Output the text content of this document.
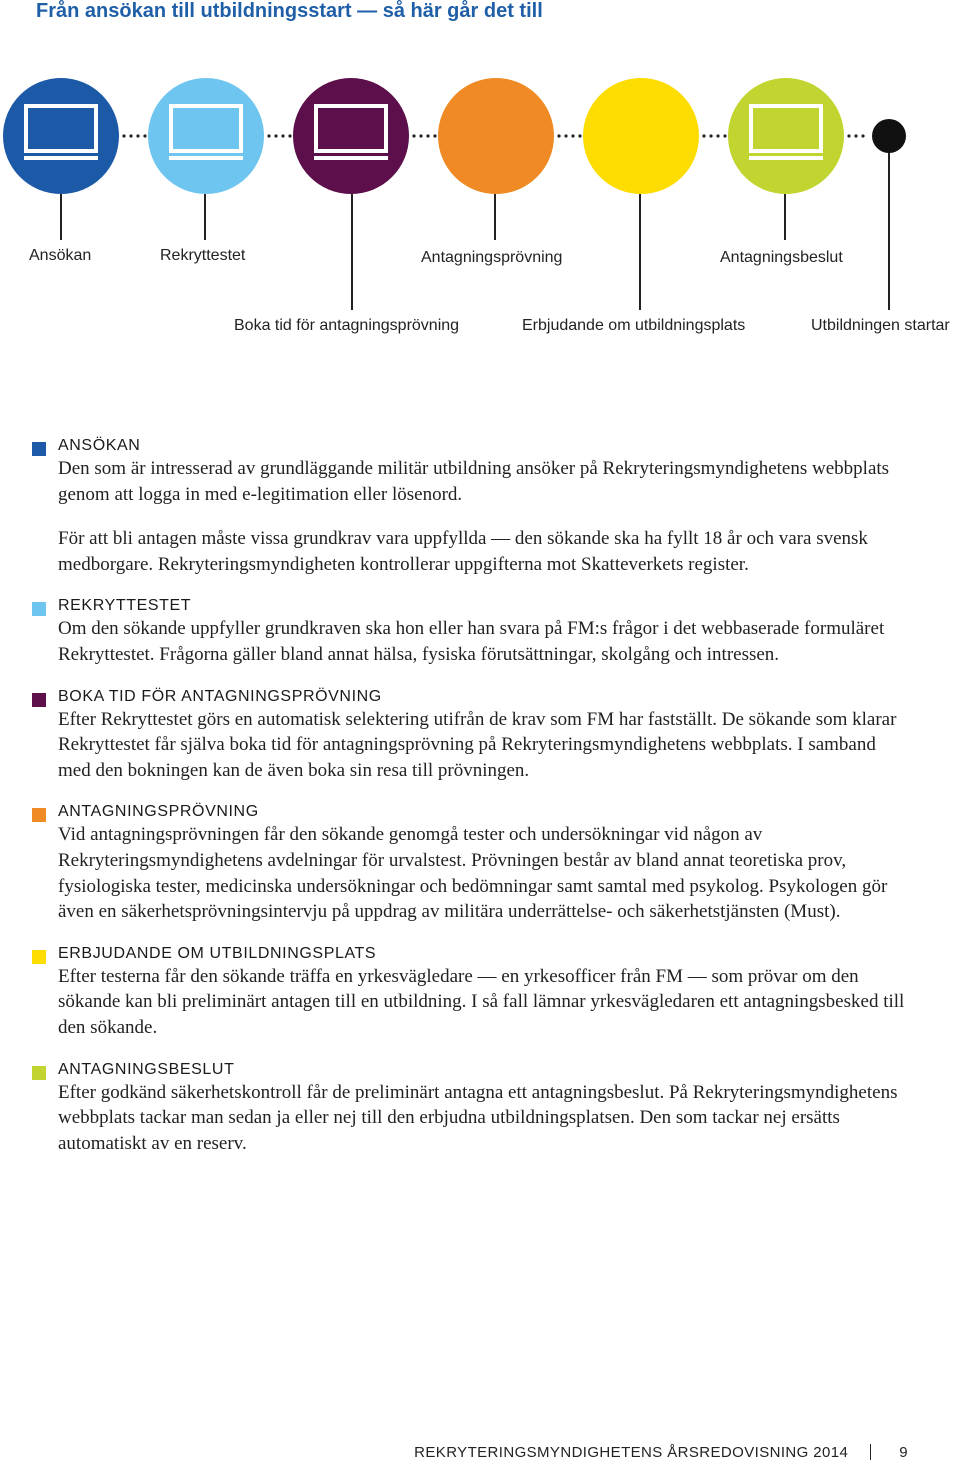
Från ansökan till utbildningsstart — så här går det till
Ansökan	Rekryttestet
Boka tid för antagningsprövning
Antagningsprövning
Erbjudande om utbildningsplats
Antagningsbeslut
Utbildningen startar
ANSÖKAN

Den som är intresserad av grundläggande militär utbildning ansöker på Rekryteringsmyndighetens webbplats genom att logga in med e-legitimation eller lösenord.

För att bli antagen måste vissa grundkrav vara uppfyllda — den sökande ska ha fyllt 18 år och vara svensk medborgare. Rekryteringsmyndigheten kontrollerar uppgifterna mot Skatteverkets register.

REKRYTTESTET

Om den sökande uppfyller grundkraven ska hon eller han svara på FM:s frågor i det webbaserade formuläret Rekryttestet. Frågorna gäller bland annat hälsa, fysiska förutsättningar, skolgång och intressen.

BOKA TID FÖR ANTAGNINGSPRÖVNING

Efter Rekryttestet görs en automatisk selektering utifrån de krav som FM har fastställt. De sökande som klarar Rekryttestet får själva boka tid för antagningsprövning på Rekryteringsmyndighetens webbplats. I samband med den bokningen kan de även boka sin resa till prövningen.

ANTAGNINGSPRÖVNING

Vid antagningsprövningen får den sökande genomgå tester och undersökningar vid någon av Rekryteringsmyndighetens avdelningar för urvalstest. Prövningen består av bland annat teoretiska prov, fysiologiska tester, medicinska undersökningar och bedömningar samt samtal med psykolog. Psykologen gör även en säkerhetsprövningsintervju på uppdrag av militära underrättelse- och säkerhetstjänsten (Must).

ERBJUDANDE OM UTBILDNINGSPLATS

Efter testerna får den sökande träffa en yrkesvägledare — en yrkesofficer från FM — som prövar om den sökande kan bli preliminärt antagen till en utbildning. I så fall lämnar yrkesvägledaren ett antagningsbesked till den sökande.

ANTAGNINGSBESLUT

Efter godkänd säkerhetskontroll får de preliminärt antagna ett antagningsbeslut. På Rekryteringsmyndighetens webbplats tackar man sedan ja eller nej till den erbjudna utbildningsplatsen. Den som tackar nej ersätts automatiskt av en reserv.

REKRYTERINGSMYNDIGHETENS ÅRSREDOVISNING 2014	9
